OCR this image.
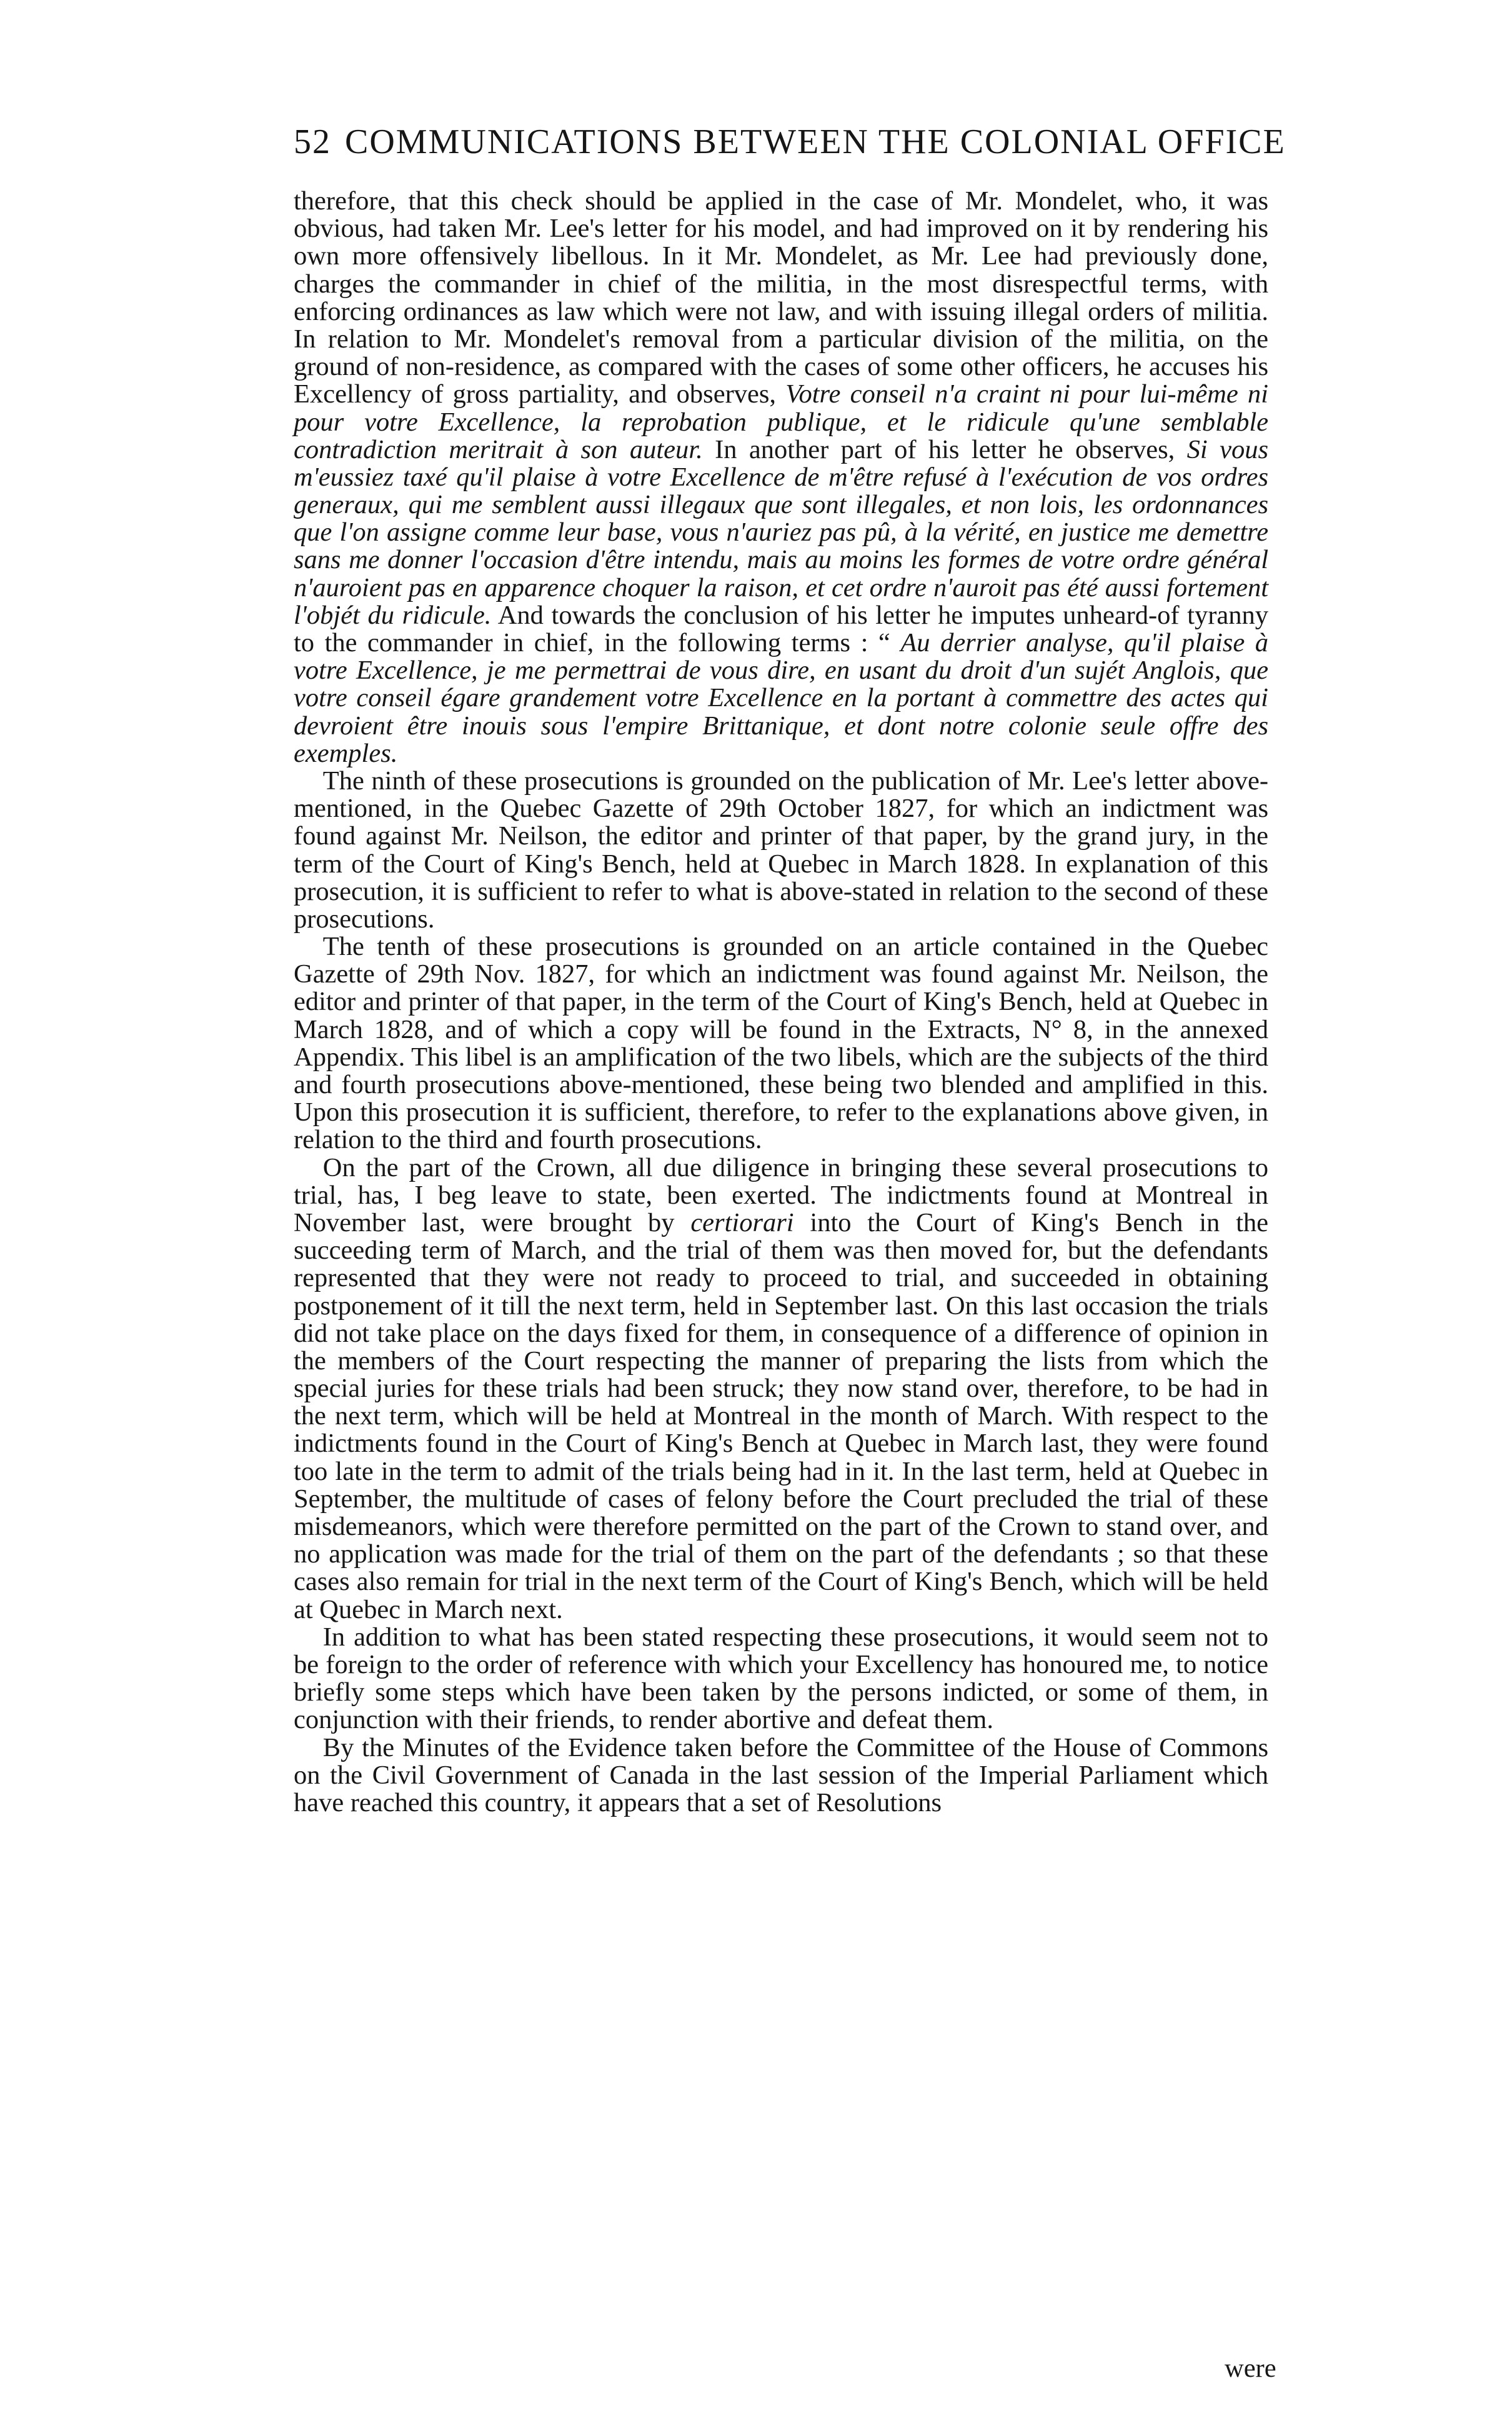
52 COMMUNICATIONS BETWEEN THE COLONIAL OFFICE

therefore, that this check should be applied in the case of Mr. Mondelet, who, it was obvious, had taken Mr. Lee's letter for his model, and had improved on it by rendering his own more offensively libellous. In it Mr. Mondelet, as Mr. Lee had previously done, charges the commander in chief of the militia, in the most disrespectful terms, with enforcing ordinances as law which were not law, and with issuing illegal orders of militia. In relation to Mr. Mondelet's removal from a particular division of the militia, on the ground of non-residence, as compared with the cases of some other officers, he accuses his Excellency of gross partiality, and observes, Votre conseil n'a craint ni pour lui-même ni pour votre Excellence, la reprobation publique, et le ridicule qu'une semblable contradiction meritrait à son auteur. In another part of his letter he observes, Si vous m'eussiez taxé qu'il plaise à votre Excellence de m'être refusé à l'exécution de vos ordres generaux, qui me semblent aussi illegaux que sont illegales, et non lois, les ordonnances que l'on assigne comme leur base, vous n'auriez pas pû, à la vérité, en justice me demettre sans me donner l'occasion d'être intendu, mais au moins les formes de votre ordre général n'auroient pas en apparence choquer la raison, et cet ordre n'auroit pas été aussi fortement l'objét du ridicule. And towards the conclusion of his letter he imputes unheard-of tyranny to the commander in chief, in the following terms : “ Au derrier analyse, qu'il plaise à votre Excellence, je me permettrai de vous dire, en usant du droit d'un sujét Anglois, que votre conseil égare grandement votre Excellence en la portant à commettre des actes qui devroient être inouis sous l'empire Brittanique, et dont notre colonie seule offre des exemples.

The ninth of these prosecutions is grounded on the publication of Mr. Lee's letter above-mentioned, in the Quebec Gazette of 29th October 1827, for which an indictment was found against Mr. Neilson, the editor and printer of that paper, by the grand jury, in the term of the Court of King's Bench, held at Quebec in March 1828. In explanation of this prosecution, it is sufficient to refer to what is above-stated in relation to the second of these prosecutions.

The tenth of these prosecutions is grounded on an article contained in the Quebec Gazette of 29th Nov. 1827, for which an indictment was found against Mr. Neilson, the editor and printer of that paper, in the term of the Court of King's Bench, held at Quebec in March 1828, and of which a copy will be found in the Extracts, N° 8, in the annexed Appendix. This libel is an amplification of the two libels, which are the subjects of the third and fourth prosecutions above-mentioned, these being two blended and amplified in this. Upon this prosecution it is sufficient, therefore, to refer to the explanations above given, in relation to the third and fourth prosecutions.

On the part of the Crown, all due diligence in bringing these several prosecutions to trial, has, I beg leave to state, been exerted. The indictments found at Montreal in November last, were brought by certiorari into the Court of King's Bench in the succeeding term of March, and the trial of them was then moved for, but the defendants represented that they were not ready to proceed to trial, and succeeded in obtaining postponement of it till the next term, held in September last. On this last occasion the trials did not take place on the days fixed for them, in consequence of a difference of opinion in the members of the Court respecting the manner of preparing the lists from which the special juries for these trials had been struck; they now stand over, therefore, to be had in the next term, which will be held at Montreal in the month of March. With respect to the indictments found in the Court of King's Bench at Quebec in March last, they were found too late in the term to admit of the trials being had in it. In the last term, held at Quebec in September, the multitude of cases of felony before the Court precluded the trial of these misdemeanors, which were therefore permitted on the part of the Crown to stand over, and no application was made for the trial of them on the part of the defendants ; so that these cases also remain for trial in the next term of the Court of King's Bench, which will be held at Quebec in March next.

In addition to what has been stated respecting these prosecutions, it would seem not to be foreign to the order of reference with which your Excellency has honoured me, to notice briefly some steps which have been taken by the persons indicted, or some of them, in conjunction with their friends, to render abortive and defeat them.

By the Minutes of the Evidence taken before the Committee of the House of Commons on the Civil Government of Canada in the last session of the Imperial Parliament which have reached this country, it appears that a set of Resolutions

were
